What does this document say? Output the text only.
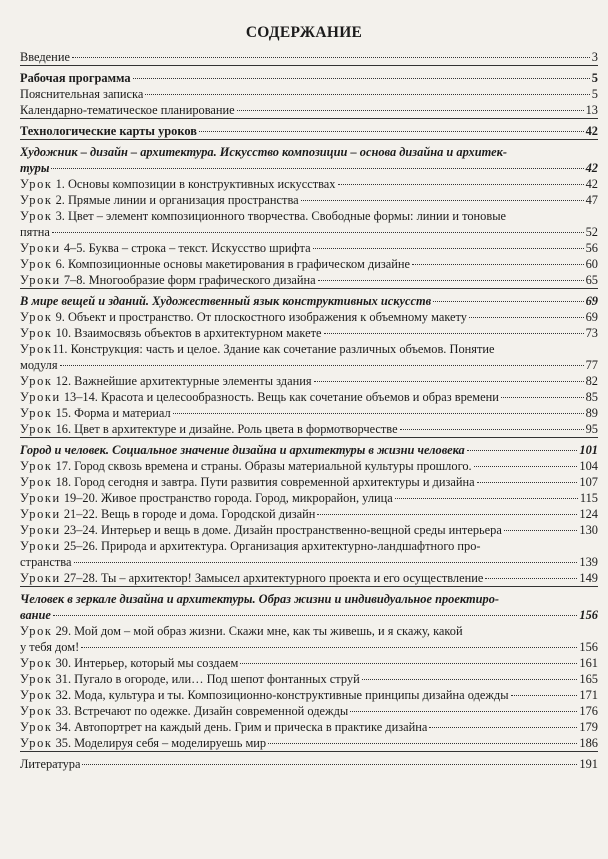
СОДЕРЖАНИЕ
Введение	3
Рабочая программа	5
Пояснительная записка	5
Календарно-тематическое планирование	13
Технологические карты уроков	42
Художник – дизайн – архитектура. Искусство композиции – основа дизайна и архитек-
туры	42
Урок 1. Основы композиции в конструктивных искусствах	42
Урок 2. Прямые линии и организация пространства	47
Урок 3. Цвет – элемент композиционного творчества. Свободные формы: линии и тоновые
пятна	52
Уроки 4–5. Буква – строка – текст. Искусство шрифта	56
Урок 6. Композиционные основы макетирования в графическом дизайне	60
Уроки 7–8. Многообразие форм графического дизайна	65
В мире вещей и зданий. Художественный язык конструктивных искусств	69
Урок 9. Объект и пространство. От плоскостного изображения к объемному макету	69
Урок 10. Взаимосвязь объектов в архитектурном макете	73
Урок11. Конструкция: часть и целое. Здание как сочетание различных объемов. Понятие
модуля	77
Урок 12. Важнейшие архитектурные элементы здания	82
Уроки 13–14. Красота и целесообразность. Вещь как сочетание объемов и образ времени	85
Урок 15. Форма и материал	89
Урок 16. Цвет в архитектуре и дизайне. Роль цвета в формотворчестве	95
Город и человек. Социальное значение дизайна и архитектуры в жизни человека	101
Урок 17. Город сквозь времена и страны. Образы материальной культуры прошлого.	104
Урок 18. Город сегодня и завтра. Пути развития современной архитектуры и дизайна	107
Уроки 19–20. Живое пространство города. Город, микрорайон, улица	115
Уроки 21–22. Вещь в городе и дома. Городской дизайн	124
Уроки 23–24. Интерьер и вещь в доме. Дизайн пространственно-вещной среды интерьера	130
Уроки 25–26. Природа и архитектура. Организация архитектурно-ландшафтного про-
странства	139
Уроки 27–28. Ты – архитектор! Замысел архитектурного проекта и его осуществление	149
Человек в зеркале дизайна и архитектуры. Образ жизни и индивидуальное проектиро-
вание	156
Урок 29. Мой дом – мой образ жизни. Скажи мне, как ты живешь, и я скажу, какой
у тебя дом!	156
Урок 30. Интерьер, который мы создаем	161
Урок 31. Пугало в огороде, или… Под шепот фонтанных струй	165
Урок 32. Мода, культура и ты. Композиционно-конструктивные принципы дизайна одежды	171
Урок 33. Встречают по одежке. Дизайн современной одежды	176
Урок 34. Автопортрет на каждый день. Грим и прическа в практике дизайна	179
Урок 35. Моделируя себя – моделируешь мир	186
Литература	191
